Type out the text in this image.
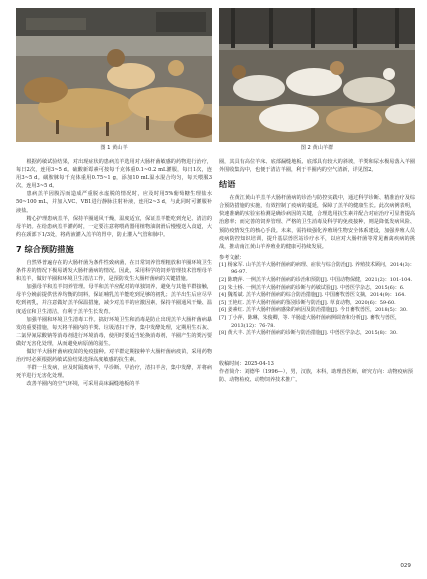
图 1 黄山羊

根据药敏试验结果，对出现症状的患病羔羊选用对大肠杆菌敏感的药物进行治疗，每日2次，连用3~5 d。硫酸新霉素可按每千克体重0.1~0.2 mL灌服，每日1次，连用3~5 d。磺胺脒每千克体重用0.75~1 g，添加10 mL温水混合均匀，每天喂服3次，连用3~5 d。

患病羔羊因腹泻而造成严重脱水虚脱的情况时，应及时用5%葡萄糖生理盐水50~100 mL，并加入VC、VB1进行静脉注射补液，连用2~3 d，与此同时可灌服补液盐。

精心护理患病羔羊，保持羊圈通风干燥，温度适宜，保证羔羊能吃到充足、清洁的母羊奶。在给患病羔羊灌药时，一定要注意将喂药器用植物油润滑后慢慢送入食道，大约在颈部下1/3处，将药液灌入羔羊的胃中，防止灌入气管和肺中。

7 综合预防措施

自然界普遍存在的大肠杆菌为条件性致病菌，在日常饲养管理粗放和羊圈环境卫生条件差的情况下极易诱发大肠杆菌病的情况。因此，采用科学的饲养管理技术管理母羊和羔羊，做好羊圈和环境卫生清洁工作，是预防发生大肠杆菌病的关键措施。

加强母羊和羔羊饲养管理。母羊和羔羊应配对的单独饲养，避免与其他羊群接触，母羊分娩前提供营养均衡的饲料，保证哺乳羔羊能吃到足够的初乳；羔羊出生后应尽早吃到初乳，并注意做好羔羊保温措施，减少对羔羊的应激因素，保持羊圈通风干燥、温度适宜和卫生清洁，有利于羔羊生长发育。

加强羊圈和环境卫生清毒工作。搞好环境卫生和消毒是防止出现羔羊大肠杆菌病暴发的重要措施，每天将羊圈内的羊粪、垃圾清扫干净，集中发酵处理，定期用生石灰、二氯异氰尿酸钠等消毒剂进行环境消毒，使用时要适当轮换消毒剂，羊圈产生的粪污要做好无害化处理，从而避免病原菌的滋生。

做好羊大肠杆菌病疫苗的免疫接种。对羊群定期接种羊大肠杆菌病疫苗，采用药物治疗时必须根据药敏试验结果选择高度敏感的抗生素。

羊群一旦发病，应及时隔离病羊，早诊断、早治疗，清扫羊舍，集中发酵，并将病死羊进行无害化处理。

改善羊圈内的空气环境，可采用高床漏缝地板的羊

图 2 黄山羊群

圈，其具有高位羊床、底部漏缝地板、底部具有较大的斜坡，羊粪和尿水极易落入羊圈外围收集沟中，也便于清洁羊圈，利于羊圈内的空气清新，详见图2。

结语

在黄江黄山羊羔羊大肠杆菌病的诊治与防控实践中，通过科学诊断、精准治疗及综合预防措施的实施，有效控制了疫病的蔓延，保障了羔羊的健康生长。此次病例表明，快速准确的实验室检测是确诊病因的关键，合理选用抗生素并配合对症治疗可显著提高治愈率；而完善的饲养管理、严格的卫生消毒及科学的免疫接种，则是降低发病风险、预防疫情发生的核心手段。未来，需持续强化养殖场生物安全体系建设，加强养殖人员疫病防控知识培训，提升基层兽医站诊疗水平，以应对大肠杆菌等常见畜禽疾病的挑战，推动南江黄山羊养殖业的健康可持续发展。

参考文献：

[1] 杨家军. 山羊羔羊大肠杆菌病的病理、症状与综合防治[J]. 养殖技术顾问，2014(3)：96-97.

[2] 陈晓萍. 一例羔羊大肠杆菌病的诊治和预防[J]. 中国动物保健，2021(2)：101-104.

[3] 朱士桥. 一例羔羊大肠杆菌病的诊断与药敏试验[J]. 中兽医学杂志，2015(6)：6.

[4] 魏希斌. 羔羊大肠杆菌病的综合防治措施[J]. 中国畜牧兽医文摘，2014(9)：164.

[5] 王艳红. 羔羊大肠杆菌病的鉴别诊断与防治[J]. 草食动物，2020(6)：59-60.

[6] 姜素红. 羔羊大肠杆菌病感染的病因及防治措施[J]. 今日畜牧兽医，2018(5)：30.

[7] 丁小萍，陈琳，朱俊卿，等. 羊肠道大肠杆菌病例调查和分析[J]. 畜牧与兽医，2013(12)：76-78.

[8] 黄大丰. 羔羊大肠杆菌病的诊断与防治措施[J]. 中兽医学杂志，2015(8)：30.

收稿时间：2025-04-13

作者简介：刘德华（1996—），男，汉族，本科，助理兽医师，研究方向：动物疫病预防、动物检疫、动物饲养技术推广。

029
